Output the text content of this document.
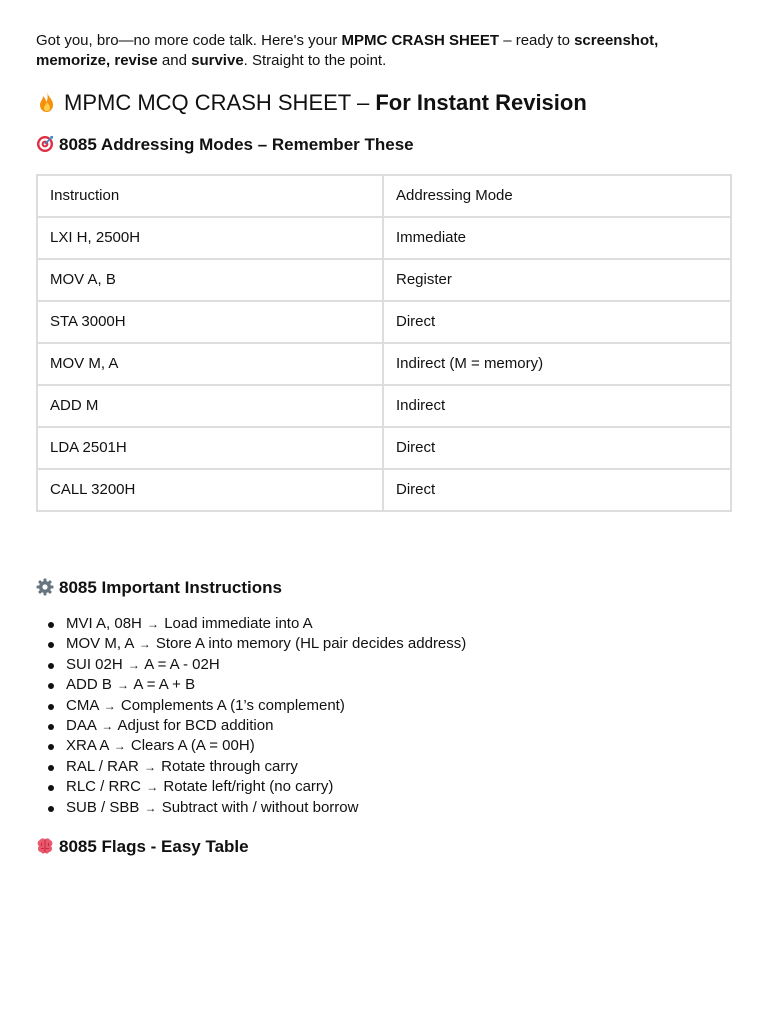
Got you, bro—no more code talk. Here's your MPMC CRASH SHEET – ready to screenshot, memorize, revise and survive. Straight to the point.

MPMC MCQ CRASH SHEET – For Instant Revision
8085 Addressing Modes – Remember These
Instruction	Addressing Mode
LXI H, 2500H	Immediate
MOV A, B	Register
STA 3000H	Direct
MOV M, A	Indirect (M = memory)
ADD M	Indirect
LDA 2501H	Direct
CALL 3200H	Direct
8085 Important Instructions
MVI A, 08H → Load immediate into A
MOV M, A → Store A into memory (HL pair decides address)
SUI 02H → A = A - 02H
ADD B → A = A + B
CMA → Complements A (1’s complement)
DAA → Adjust for BCD addition
XRA A → Clears A (A = 00H)
RAL / RAR → Rotate through carry
RLC / RRC → Rotate left/right (no carry)
SUB / SBB → Subtract with / without borrow
8085 Flags - Easy Table
